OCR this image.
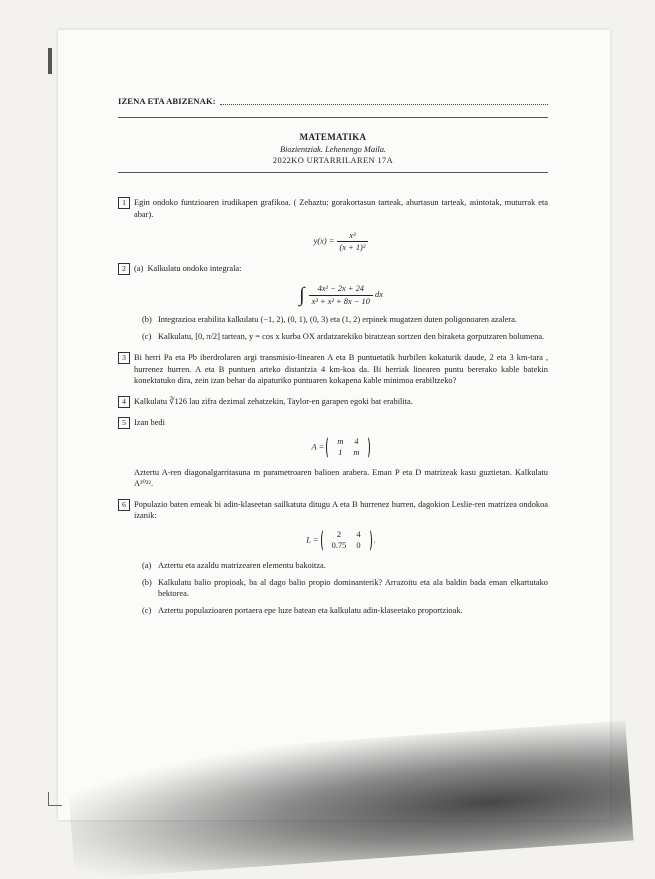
IZENA ETA ABIZENAK:
MATEMATIKA
Biozientziak. Lehenengo Maila.
2022KO URTARRILAREN 17A
1 Egin ondoko funtzioaren irudikapen grafikoa. ( Zehaztu: gorakortasun tarteak, ahurtasun tarteak, asintotak, muturrak eta abar).
$y(x) = \frac{\text{x³}}{\text{(x + 1)²}}$
2 (a) Kalkulatu ondoko integrala:
∫ $\frac{\text{4x² − 2x + 24}}{\text{x³ + x² + 8x − 10}}$ dx
(b) Integrazioa erabilita kalkulatu (−1, 2), (0, 1), (0, 3) eta (1, 2) erpinek mugatzen duten poligonoaren azalera.
(c) Kalkulatu, [0, π/2] tartean, y = cos x kurba OX ardatzarekiko biratzean sortzen den biraketa gorputzaren bolumena.
3 Bi herri Pa eta Pb iberdrolaren argi transmisio-linearen A eta B puntuetatik hurbilen kokaturik daude, 2 eta 3 km-tara , hurrenez hurren. A eta B puntuen arteko distantzia 4 km-koa da. Bi herriak linearen puntu bererako kable batekin konektatuko dira, zein izan behar da aipaturiko puntuaren kokapena kable minimoa erabiltzeko?
4 Kalkulatu ∛126 lau zifra dezimal zehatzekin, Taylor-en garapen egoki bat erabilita.
5 Izan bedi
A =
m	4
1	m
Aztertu A-ren diagonalgarritasuna m parametroaren balioen arabera. Eman P eta D matrizeak kasu guztietan. Kalkulatu A²⁰²².
6 Populazio baten emeak bi adin-klaseetan sailkatuta ditugu A eta B hurrenez hurren, dagokion Leslie-ren matrizea ondokoa izanik:
L =
2	4
0.75	0
.
(a) Aztertu eta azaldu matrizearen elementu bakoitza.
(b) Kalkulatu balio propioak, ba al dago balio propio dominanterik? Arrazoitu eta ala baldin bada eman elkartutako bektorea.
(c) Aztertu populazioaren portaera epe luze batean eta kalkulatu adin-klaseetako proportzioak.
